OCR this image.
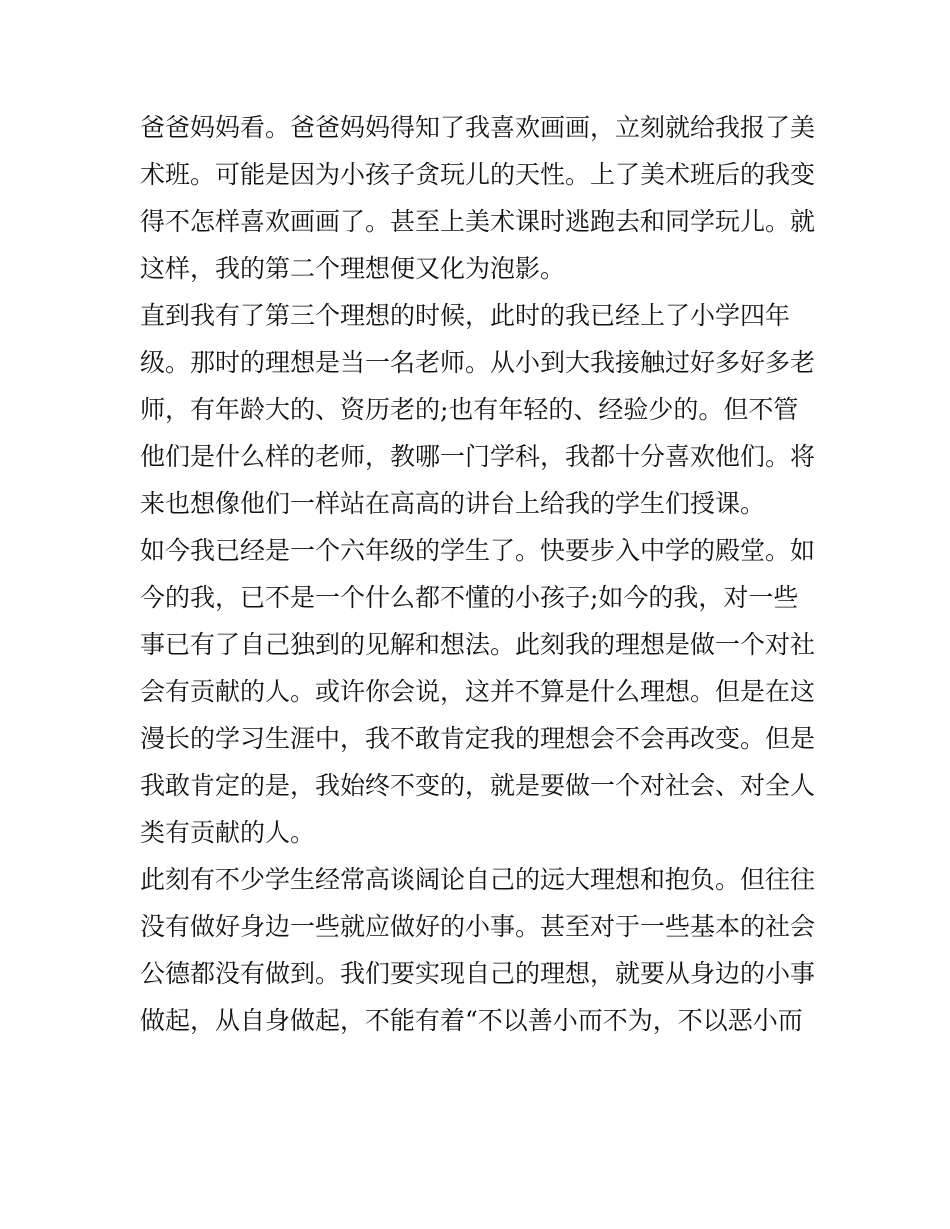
爸爸妈妈看。爸爸妈妈得知了我喜欢画画，立刻就给我报了美
术班。可能是因为小孩子贪玩儿的天性。上了美术班后的我变
得不怎样喜欢画画了。甚至上美术课时逃跑去和同学玩儿。就
这样，我的第二个理想便又化为泡影。
直到我有了第三个理想的时候，此时的我已经上了小学四年
级。那时的理想是当一名老师。从小到大我接触过好多好多老
师，有年龄大的、资历老的;也有年轻的、经验少的。但不管
他们是什么样的老师，教哪一门学科，我都十分喜欢他们。将
来也想像他们一样站在高高的讲台上给我的学生们授课。
如今我已经是一个六年级的学生了。快要步入中学的殿堂。如
今的我，已不是一个什么都不懂的小孩子;如今的我，对一些
事已有了自己独到的见解和想法。此刻我的理想是做一个对社
会有贡献的人。或许你会说，这并不算是什么理想。但是在这
漫长的学习生涯中，我不敢肯定我的理想会不会再改变。但是
我敢肯定的是，我始终不变的，就是要做一个对社会、对全人
类有贡献的人。
此刻有不少学生经常高谈阔论自己的远大理想和抱负。但往往
没有做好身边一些就应做好的小事。甚至对于一些基本的社会
公德都没有做到。我们要实现自己的理想，就要从身边的小事
做起，从自身做起，不能有着“不以善小而不为，不以恶小而
